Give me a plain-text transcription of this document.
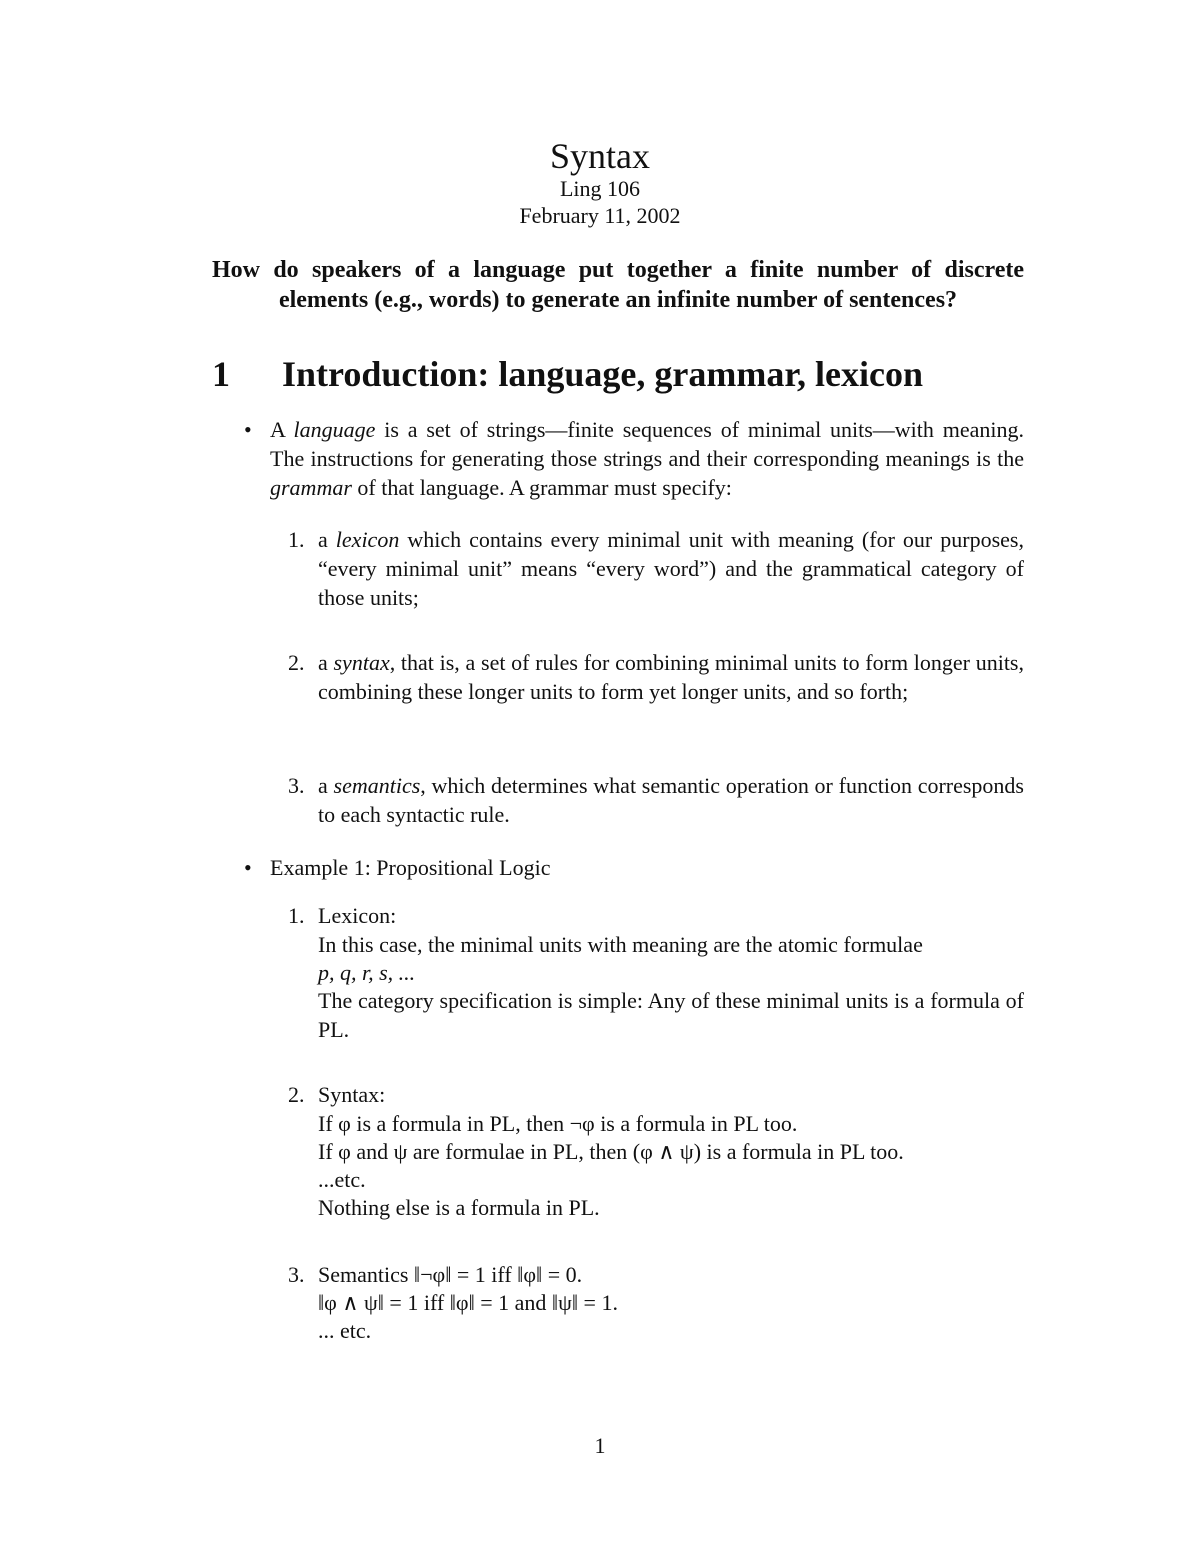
Syntax
Ling 106
February 11, 2002
How do speakers of a language put together a finite number of discrete elements (e.g., words) to generate an infinite number of sentences?
1 Introduction: language, grammar, lexicon
• A language is a set of strings—finite sequences of minimal units—with meaning. The instructions for generating those strings and their corresponding meanings is the grammar of that language. A grammar must specify:
1. a lexicon which contains every minimal unit with meaning (for our purposes, “every minimal unit” means “every word”) and the grammatical category of those units;
2. a syntax, that is, a set of rules for combining minimal units to form longer units, combining these longer units to form yet longer units, and so forth;
3. a semantics, which determines what semantic operation or function corresponds to each syntactic rule.
• Example 1: Propositional Logic
1. Lexicon:
In this case, the minimal units with meaning are the atomic formulae
p, q, r, s, ...
The category specification is simple: Any of these minimal units is a formula of PL.
2. Syntax:
If φ is a formula in PL, then ¬φ is a formula in PL too.
If φ and ψ are formulae in PL, then (φ ∧ ψ) is a formula in PL too.
...etc.
Nothing else is a formula in PL.
3. Semantics ‖¬φ‖ = 1 iff ‖φ‖ = 0.
‖φ ∧ ψ‖ = 1 iff ‖φ‖ = 1 and ‖ψ‖ = 1.
... etc.
1
